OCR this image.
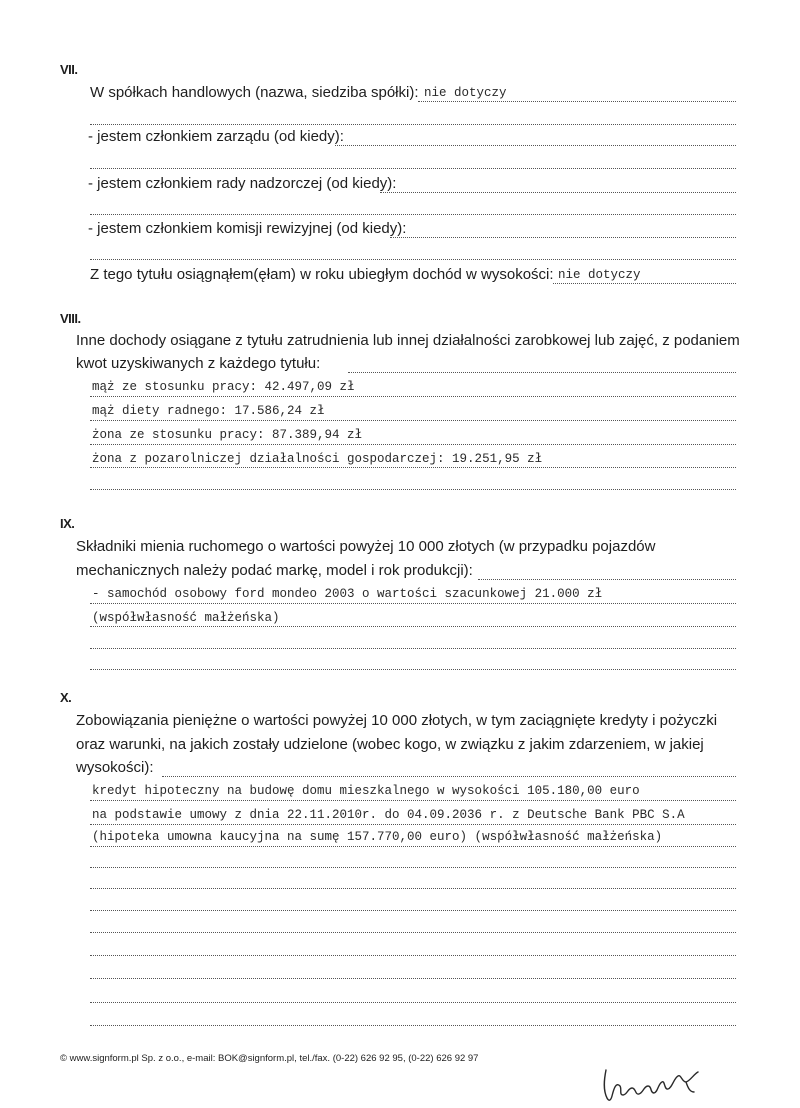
VII.
W spółkach handlowych (nazwa, siedziba spółki): nie dotyczy
- jestem członkiem zarządu (od kiedy):
- jestem członkiem rady nadzorczej (od kiedy):
- jestem członkiem komisji rewizyjnej (od kiedy):
Z tego tytułu osiągnąłem(ęłam) w roku ubiegłym dochód w wysokości: nie dotyczy
VIII.
Inne dochody osiągane z tytułu zatrudnienia lub innej działalności zarobkowej lub zajęć, z podaniem
kwot uzyskiwanych z każdego tytułu:
mąż ze stosunku pracy: 42.497,09 zł
mąż diety radnego: 17.586,24 zł
żona ze stosunku pracy: 87.389,94 zł
żona z pozarolniczej działalności gospodarczej: 19.251,95 zł
IX.
Składniki mienia ruchomego o wartości powyżej 10 000 złotych (w przypadku pojazdów
mechanicznych należy podać markę, model i rok produkcji):
- samochód osobowy ford mondeo 2003 o wartości szacunkowej 21.000 zł
(współwłasność małżeńska)
X.
Zobowiązania pieniężne o wartości powyżej 10 000 złotych, w tym zaciągnięte kredyty i pożyczki
oraz warunki, na jakich zostały udzielone (wobec kogo, w związku z jakim zdarzeniem, w jakiej
wysokości):
kredyt hipoteczny na budowę domu mieszkalnego w wysokości 105.180,00 euro
na podstawie umowy z dnia 22.11.2010r. do 04.09.2036 r. z Deutsche Bank PBC S.A
(hipoteka umowna kaucyjna na sumę 157.770,00 euro) (współwłasność małżeńska)
© www.signform.pl Sp. z o.o., e-mail: BOK@signform.pl, tel./fax. (0-22) 626 92 95, (0-22) 626 92 97
